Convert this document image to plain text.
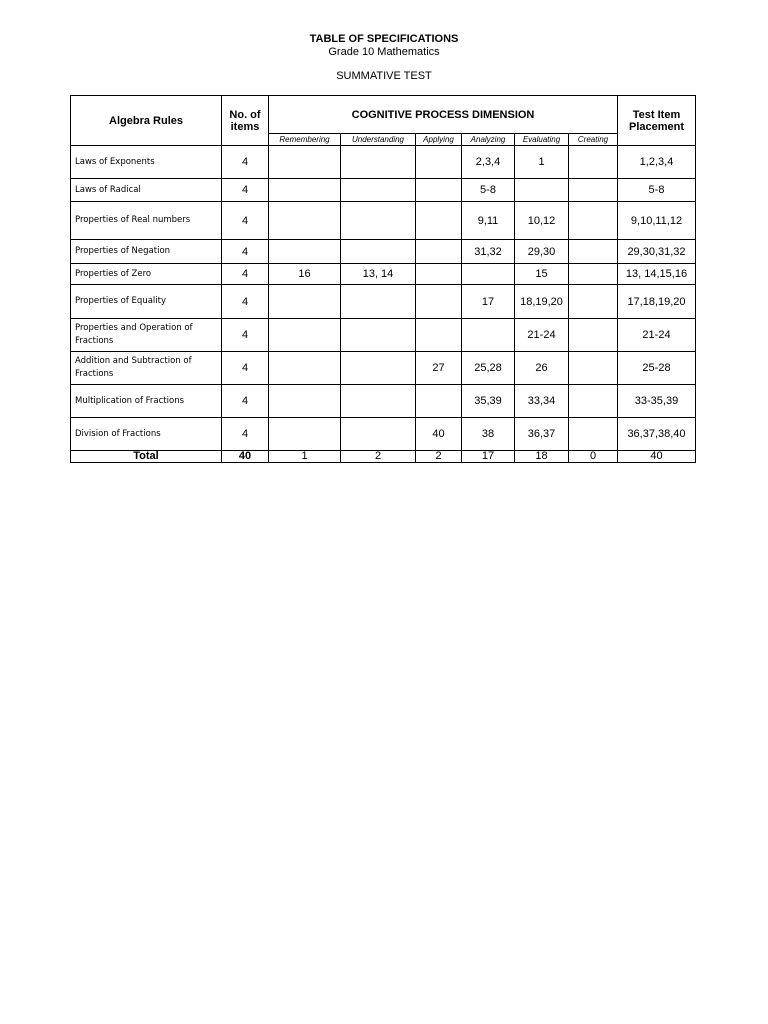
TABLE OF SPECIFICATIONS
Grade 10 Mathematics
SUMMATIVE TEST
Algebra Rules	No. of items	COGNITIVE PROCESS DIMENSION						Test Item Placement
		Remembering	Understanding	Applying	Analyzing	Evaluating	Creating	
Laws of Exponents	4				2,3,4	1		1,2,3,4
Laws of Radical	4				5-8			5-8
Properties of Real numbers	4				9,11	10,12		9,10,11,12
Properties of Negation	4				31,32	29,30		29,30,31,32
Properties of Zero	4	16	13, 14			15		13, 14,15,16
Properties of Equality	4				17	18,19,20		17,18,19,20
Properties and Operation of Fractions	4					21-24		21-24
Addition and Subtraction of Fractions	4			27	25,28	26		25-28
Multiplication of Fractions	4				35,39	33,34		33-35,39
Division of Fractions	4			40	38	36,37		36,37,38,40
Total	40	1	2	2	17	18	0	40
